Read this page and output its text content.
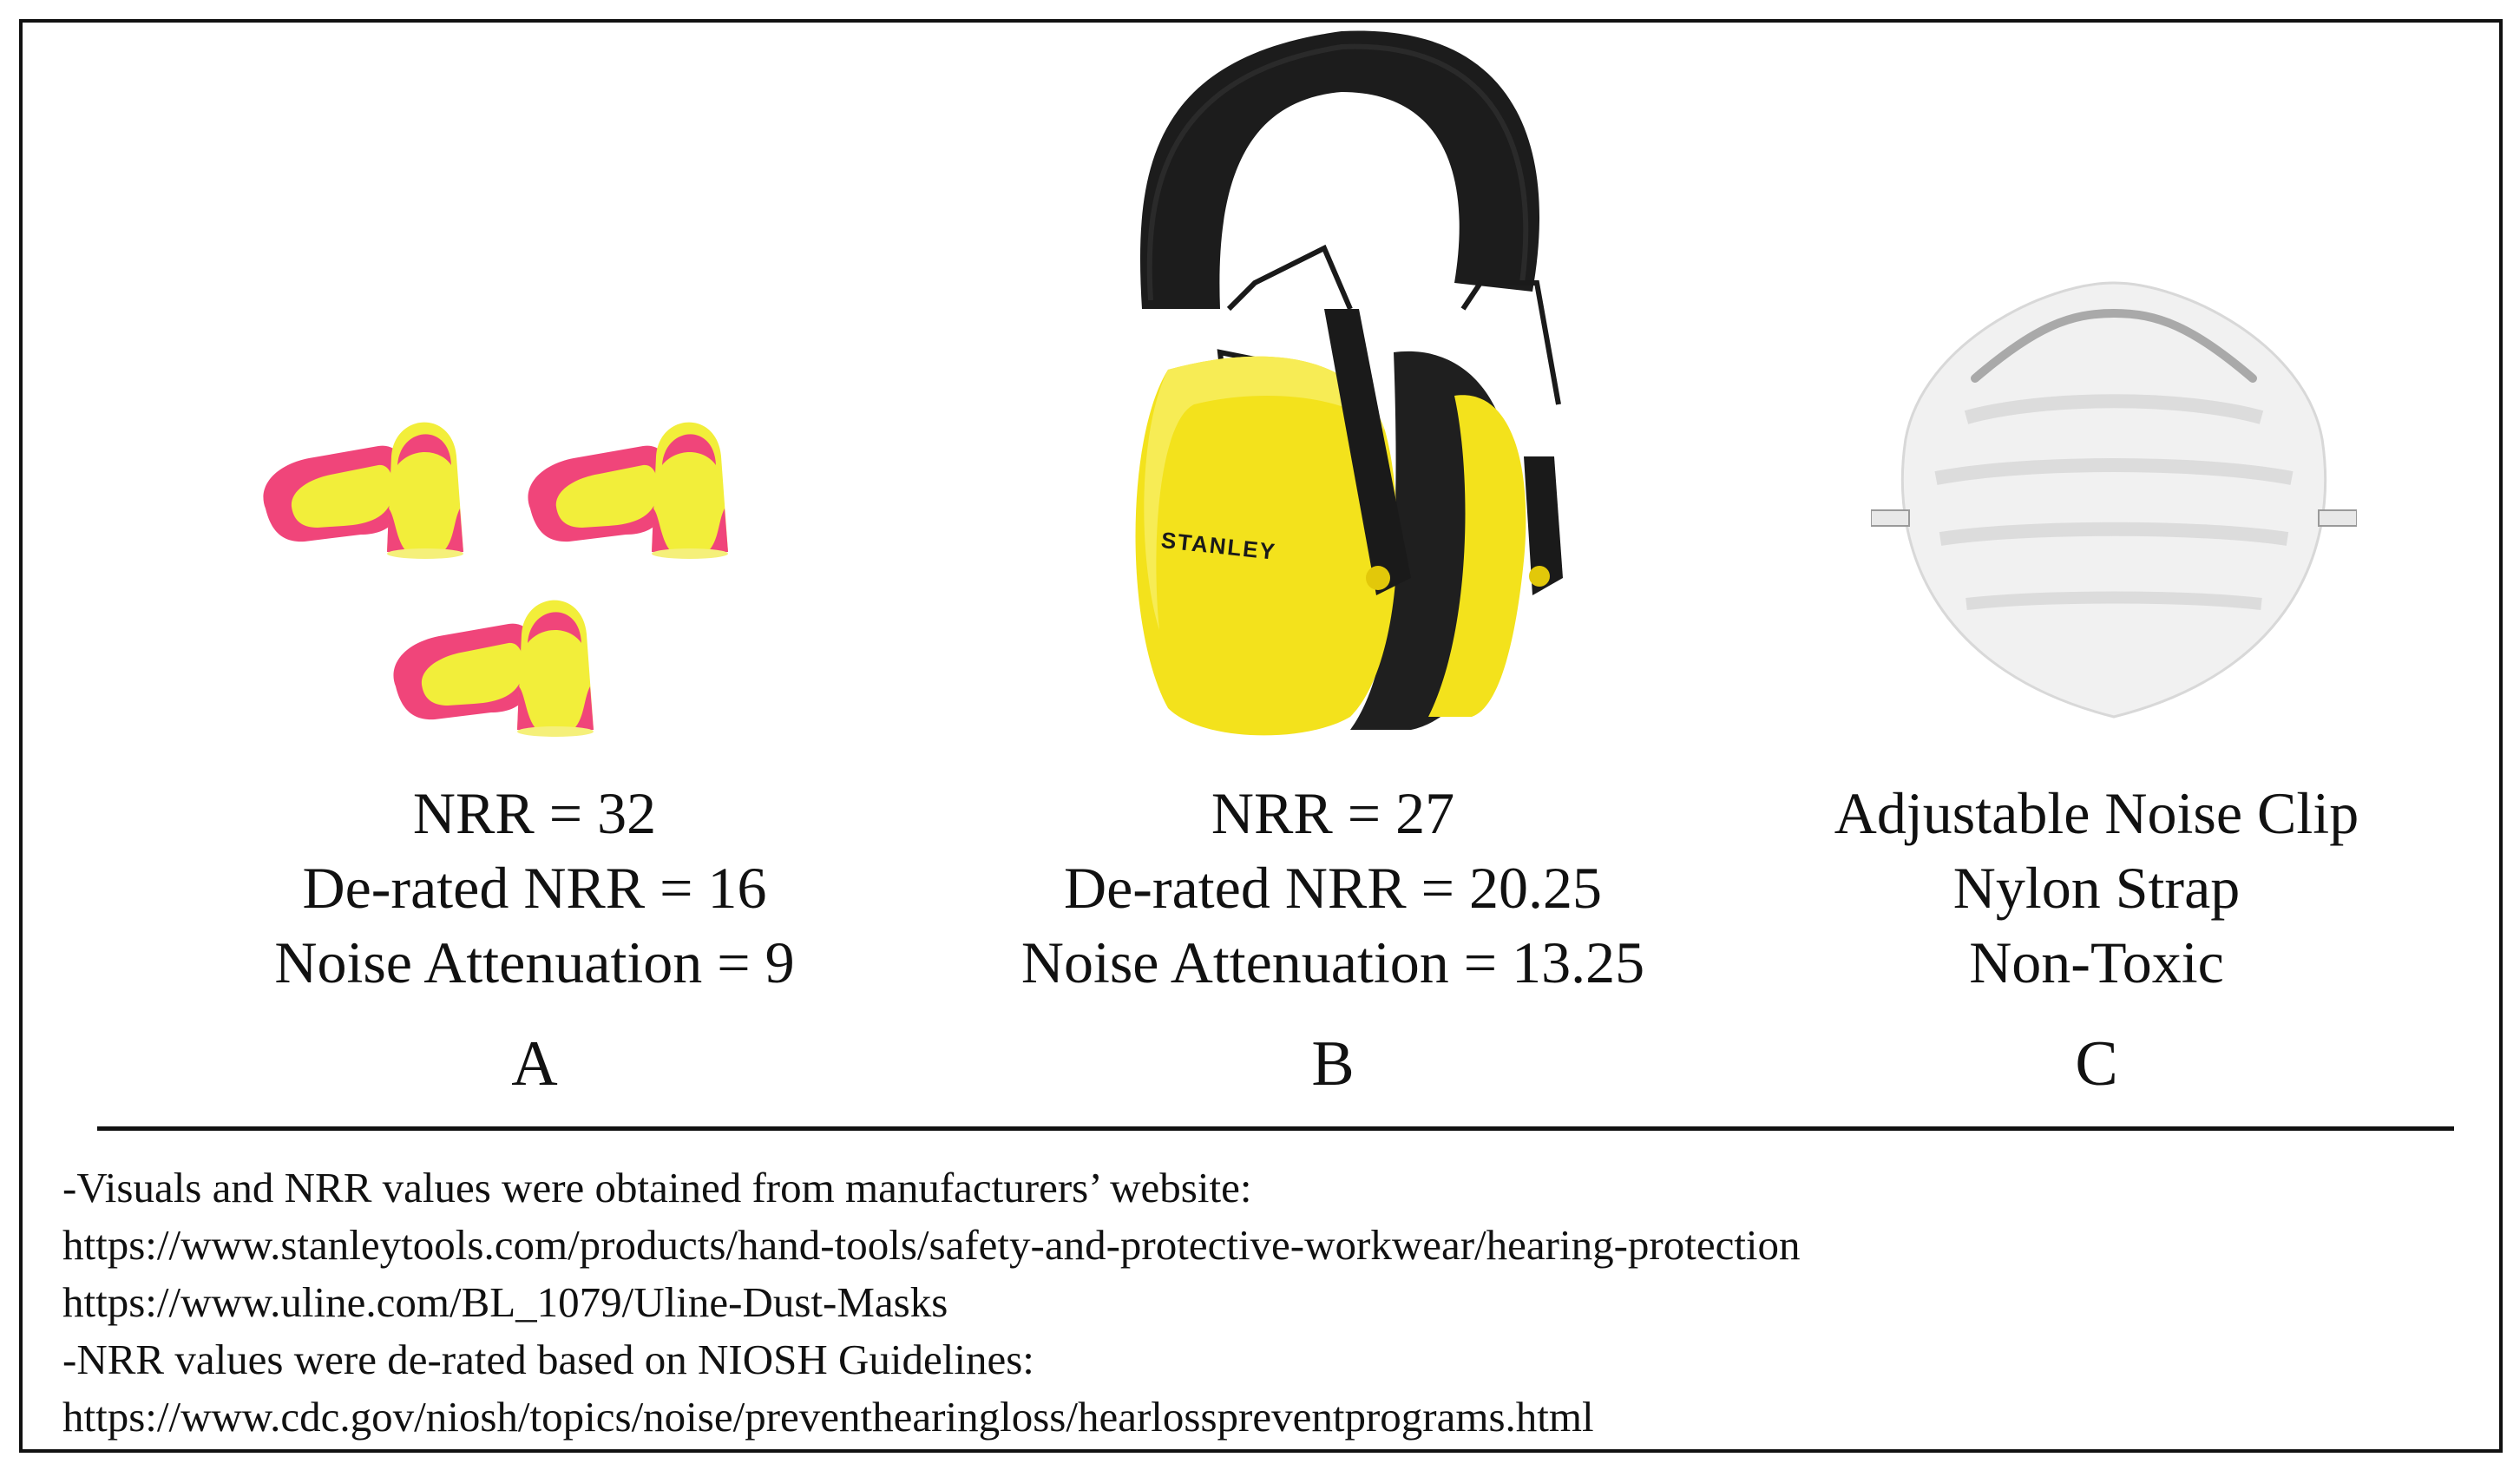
NRR = 32
De-rated NRR = 16
Noise Attenuation = 9
A
STANLEY
NRR = 27
De-rated NRR = 20.25
Noise Attenuation = 13.25
B
Adjustable Noise Clip
Nylon Strap
Non-Toxic
C
-Visuals and NRR values were obtained from manufacturers’ website:
https://www.stanleytools.com/products/hand-tools/safety-and-protective-workwear/hearing-protection
https://www.uline.com/BL_1079/Uline-Dust-Masks
-NRR values were de-rated based on NIOSH Guidelines:
https://www.cdc.gov/niosh/topics/noise/preventhearingloss/hearlosspreventprograms.html
